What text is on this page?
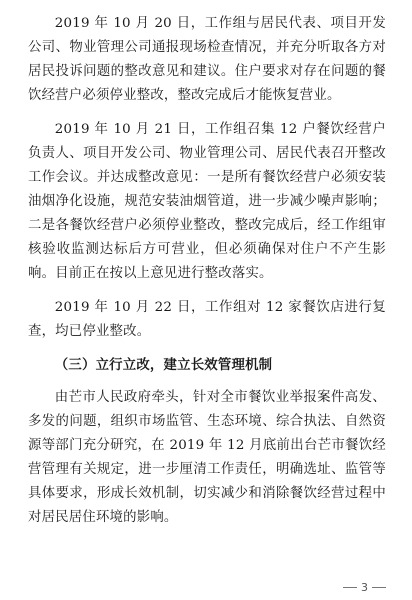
2019 年 10 月 20 日，工作组与居民代表、项目开发公司、物业管理公司通报现场检查情况，并充分听取各方对居民投诉问题的整改意见和建议。住户要求对存在问题的餐饮经营户必须停业整改，整改完成后才能恢复营业。

2019 年 10 月 21 日，工作组召集 12 户餐饮经营户负责人、项目开发公司、物业管理公司、居民代表召开整改工作会议。并达成整改意见：一是所有餐饮经营户必须安装油烟净化设施，规范安装油烟管道，进一步减少噪声影响；二是各餐饮经营户必须停业整改，整改完成后，经工作组审核验收监测达标后方可营业，但必须确保对住户不产生影响。目前正在按以上意见进行整改落实。

2019 年 10 月 22 日，工作组对 12 家餐饮店进行复查，均已停业整改。

（三）立行立改，建立长效管理机制

由芒市人民政府牵头，针对全市餐饮业举报案件高发、多发的问题，组织市场监管、生态环境、综合执法、自然资源等部门充分研究，在 2019 年 12 月底前出台芒市餐饮经营管理有关规定，进一步厘清工作责任，明确选址、监管等具体要求，形成长效机制，切实减少和消除餐饮经营过程中对居民居住环境的影响。

3
